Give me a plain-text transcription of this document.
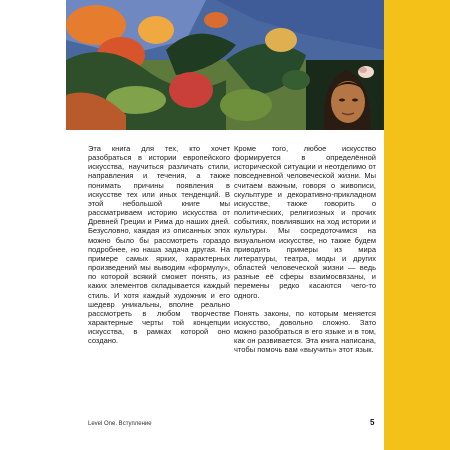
Эта книга для тех, кто хочет разобраться в истории европейского искусства, научиться различать стили, направления и течения, а также понимать причины появления в искусстве тех или иных тенденций. В этой небольшой книге мы рассматриваем историю искусства от Древней Греции и Рима до наших дней. Безусловно, каждая из описанных эпох можно было бы рассмотреть гораздо подробнее, но наша задача другая. На примере самых ярких, характерных произведений мы выводим «формулу», по которой всякий сможет понять, из каких элементов складывается каждый стиль. И хотя каждый художник и его шедевр уникальны, вполне реально рассмотреть в любом творчестве характерные черты той концепции искусства, в рамках которой оно создано.

Кроме того, любое искусство формируется в определённой исторической ситуации и неотделимо от повседневной человеческой жизни. Мы считаем важным, говоря о живописи, скульптуре и декоративно-прикладном искусстве, также говорить о политических, религиозных и прочих событиях, повлиявших на ход истории и культуры. Мы сосредоточимся на визуальном искусстве, но также будем приводить примеры из мира литературы, театра, моды и других областей человеческой жизни — ведь разные её сферы взаимосвязаны, и перемены редко касаются чего-то одного.

Понять законы, по которым меняется искусство, довольно сложно. Зато можно разобраться в его языке и в том, как он развивается. Эта книга написана, чтобы помочь вам «выучить» этот язык.

Level One. Вступление	5
